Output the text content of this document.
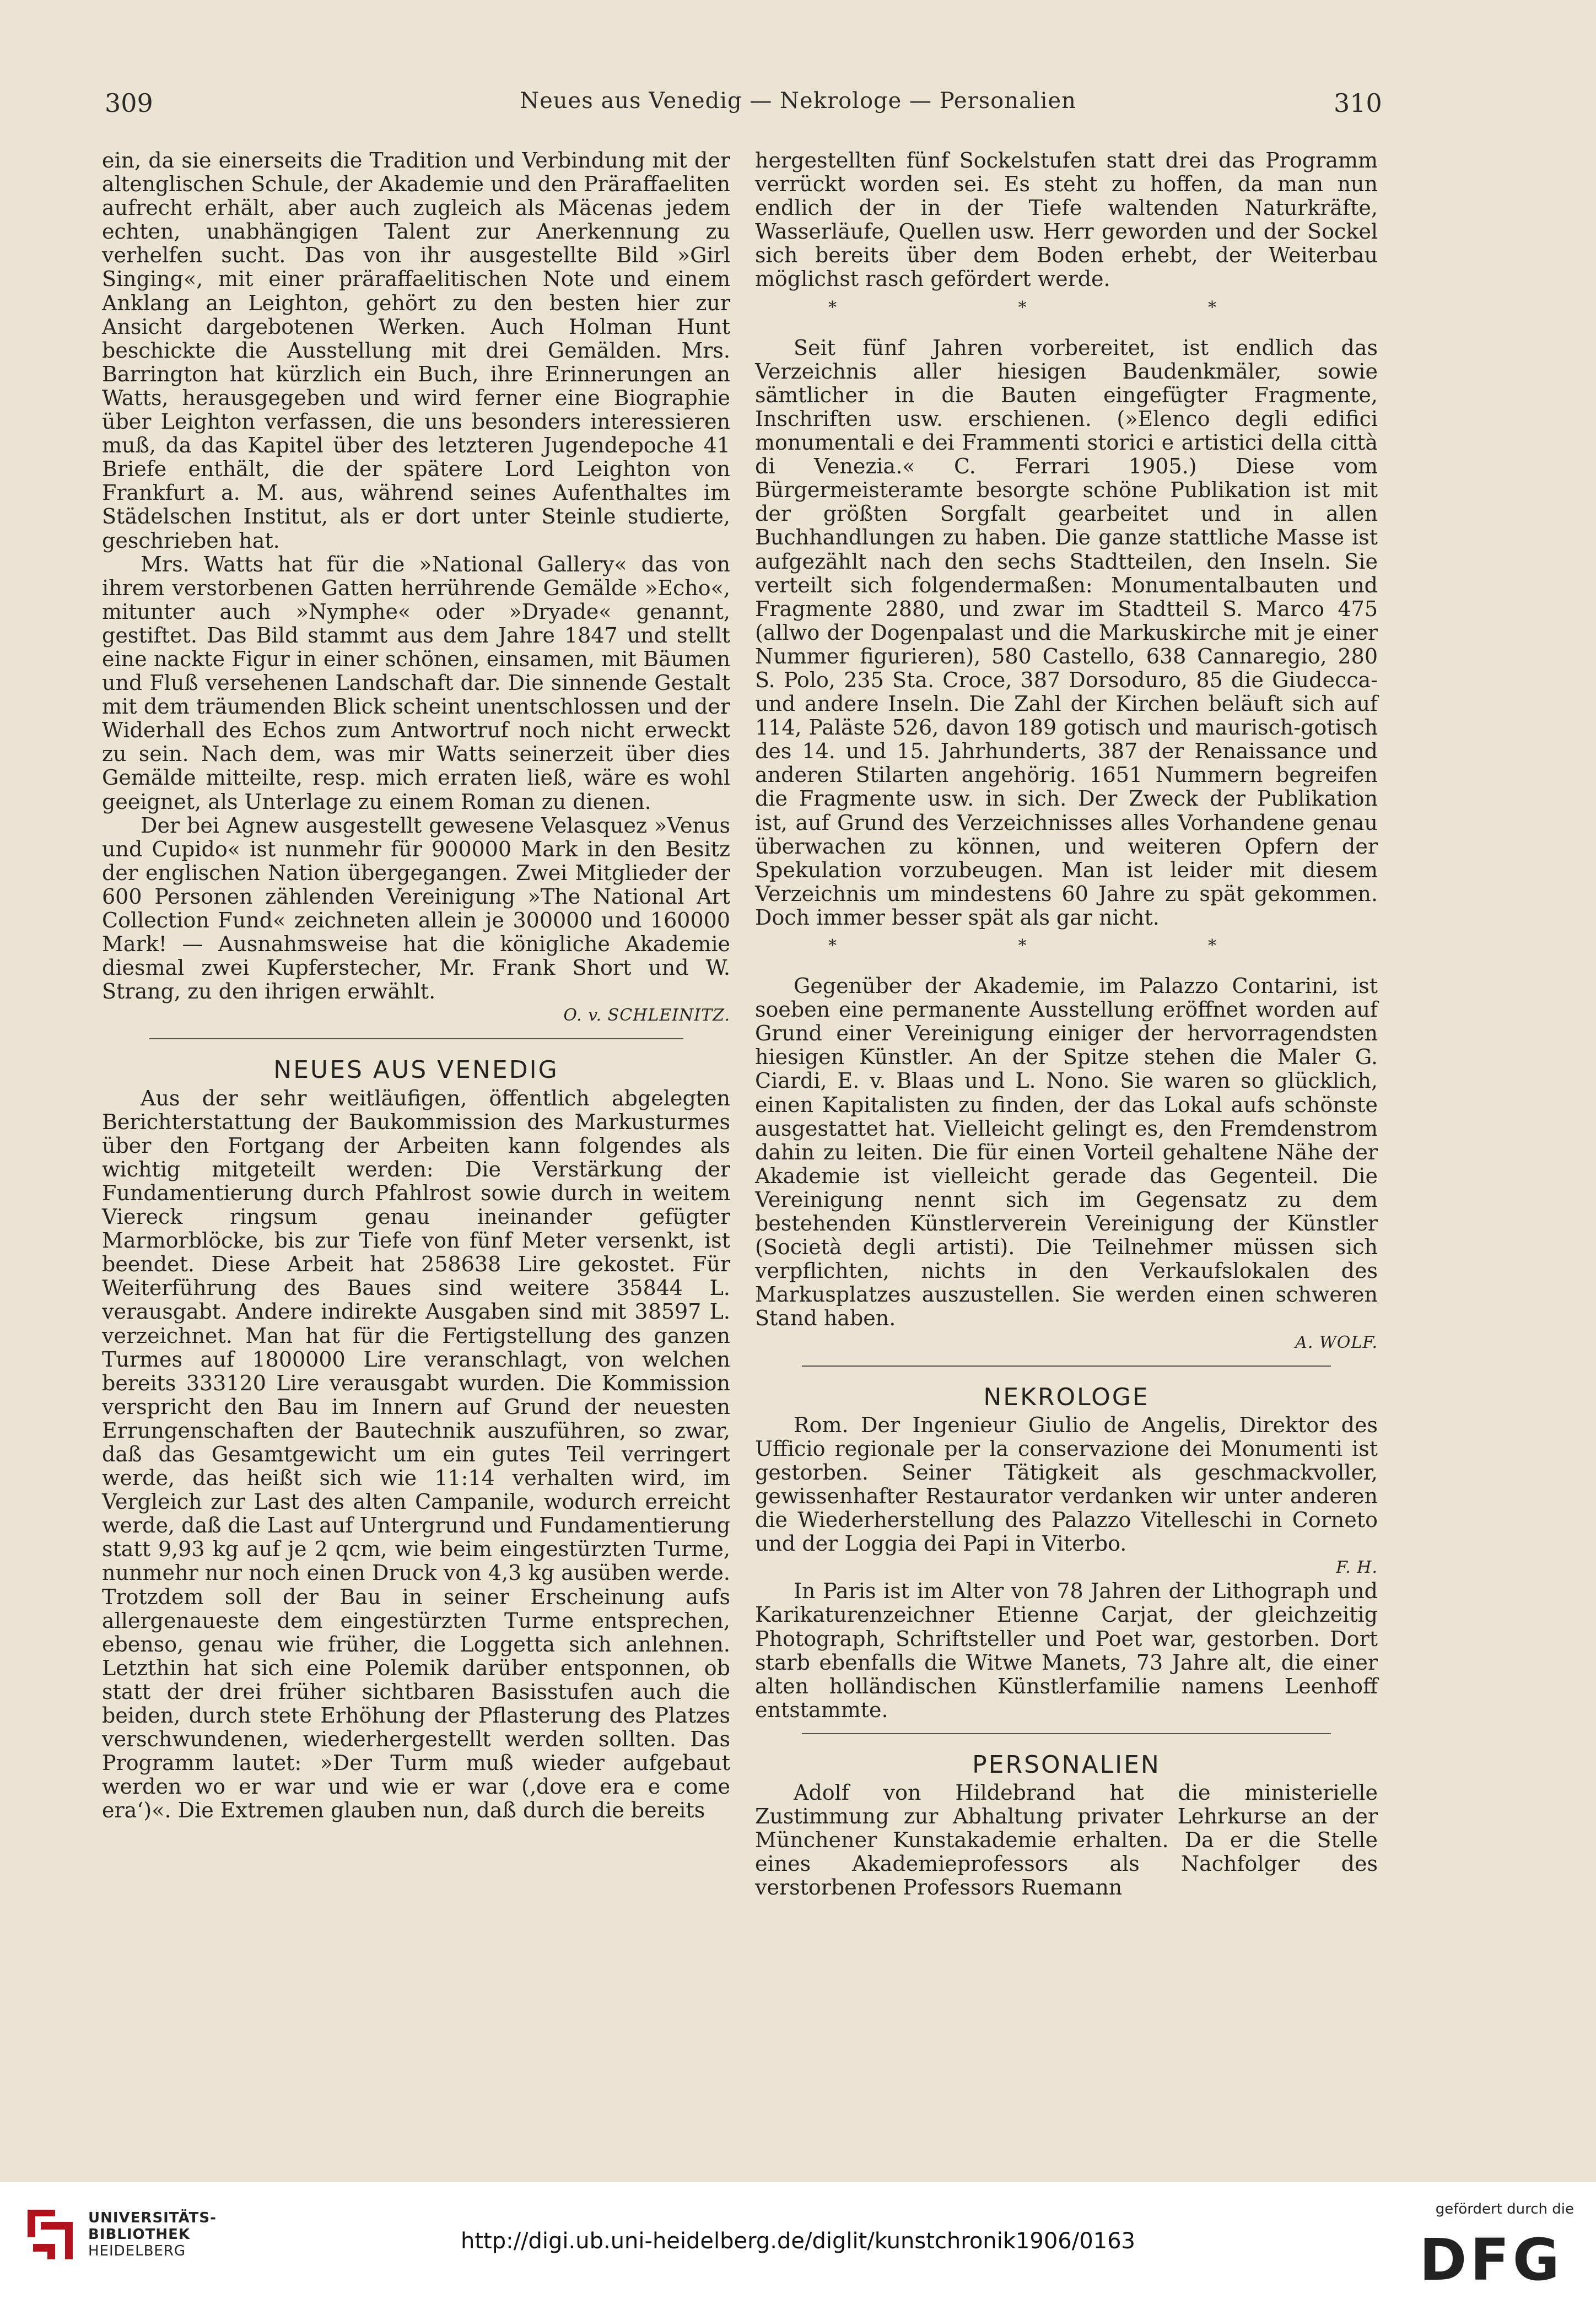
309	Neues aus Venedig — Nekrologe — Personalien	310

ein, da sie einerseits die Tradition und Verbindung mit der altenglischen Schule, der Akademie und den Präraffaeliten aufrecht erhält, aber auch zugleich als Mäcenas jedem echten, unabhängigen Talent zur Anerkennung zu verhelfen sucht. Das von ihr ausgestellte Bild »Girl Singing«, mit einer präraffaelitischen Note und einem Anklang an Leighton, gehört zu den besten hier zur Ansicht dargebotenen Werken. Auch Holman Hunt beschickte die Ausstellung mit drei Gemälden. Mrs. Barrington hat kürzlich ein Buch, ihre Erinnerungen an Watts, herausgegeben und wird ferner eine Biographie über Leighton verfassen, die uns besonders interessieren muß, da das Kapitel über des letzteren Jugendepoche 41 Briefe enthält, die der spätere Lord Leighton von Frankfurt a. M. aus, während seines Aufenthaltes im Städelschen Institut, als er dort unter Steinle studierte, geschrieben hat.

Mrs. Watts hat für die »National Gallery« das von ihrem verstorbenen Gatten herrührende Gemälde »Echo«, mitunter auch »Nymphe« oder »Dryade« genannt, gestiftet. Das Bild stammt aus dem Jahre 1847 und stellt eine nackte Figur in einer schönen, einsamen, mit Bäumen und Fluß versehenen Landschaft dar. Die sinnende Gestalt mit dem träumenden Blick scheint unentschlossen und der Widerhall des Echos zum Antwortruf noch nicht erweckt zu sein. Nach dem, was mir Watts seinerzeit über dies Gemälde mitteilte, resp. mich erraten ließ, wäre es wohl geeignet, als Unterlage zu einem Roman zu dienen.

Der bei Agnew ausgestellt gewesene Velasquez »Venus und Cupido« ist nunmehr für 900000 Mark in den Besitz der englischen Nation übergegangen. Zwei Mitglieder der 600 Personen zählenden Vereinigung »The National Art Collection Fund« zeichneten allein je 300000 und 160000 Mark! — Ausnahmsweise hat die königliche Akademie diesmal zwei Kupferstecher, Mr. Frank Short und W. Strang, zu den ihrigen erwählt.

O. v. SCHLEINITZ.
NEUES AUS VENEDIG

Aus der sehr weitläufigen, öffentlich abgelegten Berichterstattung der Baukommission des Markusturmes über den Fortgang der Arbeiten kann folgendes als wichtig mitgeteilt werden: Die Verstärkung der Fundamentierung durch Pfahlrost sowie durch in weitem Viereck ringsum genau ineinander gefügter Marmorblöcke, bis zur Tiefe von fünf Meter versenkt, ist beendet. Diese Arbeit hat 258638 Lire gekostet. Für Weiterführung des Baues sind weitere 35844 L. verausgabt. Andere indirekte Ausgaben sind mit 38597 L. verzeichnet. Man hat für die Fertigstellung des ganzen Turmes auf 1800000 Lire veranschlagt, von welchen bereits 333120 Lire verausgabt wurden. Die Kommission verspricht den Bau im Innern auf Grund der neuesten Errungenschaften der Bautechnik auszuführen, so zwar, daß das Gesamtgewicht um ein gutes Teil verringert werde, das heißt sich wie 11:14 verhalten wird, im Vergleich zur Last des alten Campanile, wodurch erreicht werde, daß die Last auf Untergrund und Fundamentierung statt 9,93 kg auf je 2 qcm, wie beim eingestürzten Turme, nunmehr nur noch einen Druck von 4,3 kg ausüben werde. Trotzdem soll der Bau in seiner Erscheinung aufs allergenaueste dem eingestürzten Turme entsprechen, ebenso, genau wie früher, die Loggetta sich anlehnen. Letzthin hat sich eine Polemik darüber entsponnen, ob statt der drei früher sichtbaren Basisstufen auch die beiden, durch stete Erhöhung der Pflasterung des Platzes verschwundenen, wiederhergestellt werden sollten. Das Programm lautet: »Der Turm muß wieder aufgebaut werden wo er war und wie er war (‚dove era e come era‘)«. Die Extremen glauben nun, daß durch die bereits

hergestellten fünf Sockelstufen statt drei das Programm verrückt worden sei. Es steht zu hoffen, da man nun endlich der in der Tiefe waltenden Naturkräfte, Wasserläufe, Quellen usw. Herr geworden und der Sockel sich bereits über dem Boden erhebt, der Weiterbau möglichst rasch gefördert werde.

* * *

Seit fünf Jahren vorbereitet, ist endlich das Verzeichnis aller hiesigen Baudenkmäler, sowie sämtlicher in die Bauten eingefügter Fragmente, Inschriften usw. erschienen. (»Elenco degli edifici monumentali e dei Frammenti storici e artistici della città di Venezia.« C. Ferrari 1905.) Diese vom Bürgermeisteramte besorgte schöne Publikation ist mit der größten Sorgfalt gearbeitet und in allen Buchhandlungen zu haben. Die ganze stattliche Masse ist aufgezählt nach den sechs Stadtteilen, den Inseln. Sie verteilt sich folgendermaßen: Monumentalbauten und Fragmente 2880, und zwar im Stadtteil S. Marco 475 (allwo der Dogenpalast und die Markuskirche mit je einer Nummer figurieren), 580 Castello, 638 Cannaregio, 280 S. Polo, 235 Sta. Croce, 387 Dorsoduro, 85 die Giudecca- und andere Inseln. Die Zahl der Kirchen beläuft sich auf 114, Paläste 526, davon 189 gotisch und maurisch-gotisch des 14. und 15. Jahrhunderts, 387 der Renaissance und anderen Stilarten angehörig. 1651 Nummern begreifen die Fragmente usw. in sich. Der Zweck der Publikation ist, auf Grund des Verzeichnisses alles Vorhandene genau überwachen zu können, und weiteren Opfern der Spekulation vorzubeugen. Man ist leider mit diesem Verzeichnis um mindestens 60 Jahre zu spät gekommen. Doch immer besser spät als gar nicht.

* * *

Gegenüber der Akademie, im Palazzo Contarini, ist soeben eine permanente Ausstellung eröffnet worden auf Grund einer Vereinigung einiger der hervorragendsten hiesigen Künstler. An der Spitze stehen die Maler G. Ciardi, E. v. Blaas und L. Nono. Sie waren so glücklich, einen Kapitalisten zu finden, der das Lokal aufs schönste ausgestattet hat. Vielleicht gelingt es, den Fremdenstrom dahin zu leiten. Die für einen Vorteil gehaltene Nähe der Akademie ist vielleicht gerade das Gegenteil. Die Vereinigung nennt sich im Gegensatz zu dem bestehenden Künstlerverein Vereinigung der Künstler (Società degli artisti). Die Teilnehmer müssen sich verpflichten, nichts in den Verkaufslokalen des Markusplatzes auszustellen. Sie werden einen schweren Stand haben.

A. WOLF.
NEKROLOGE

Rom. Der Ingenieur Giulio de Angelis, Direktor des Ufficio regionale per la conservazione dei Monumenti ist gestorben. Seiner Tätigkeit als geschmackvoller, gewissenhafter Restaurator verdanken wir unter anderen die Wiederherstellung des Palazzo Vitelleschi in Corneto und der Loggia dei Papi in Viterbo.

F. H.

In Paris ist im Alter von 78 Jahren der Lithograph und Karikaturenzeichner Etienne Carjat, der gleichzeitig Photograph, Schriftsteller und Poet war, gestorben. Dort starb ebenfalls die Witwe Manets, 73 Jahre alt, die einer alten holländischen Künstlerfamilie namens Leenhoff entstammte.

PERSONALIEN

Adolf von Hildebrand hat die ministerielle Zustimmung zur Abhaltung privater Lehrkurse an der Münchener Kunstakademie erhalten. Da er die Stelle eines Akademieprofessors als Nachfolger des verstorbenen Professors Ruemann

UNIVERSITÄTS-
BIBLIOTHEK
HEIDELBERG	http://digi.ub.uni-heidelberg.de/diglit/kunstchronik1906/0163
gefördert durch die
DFG
